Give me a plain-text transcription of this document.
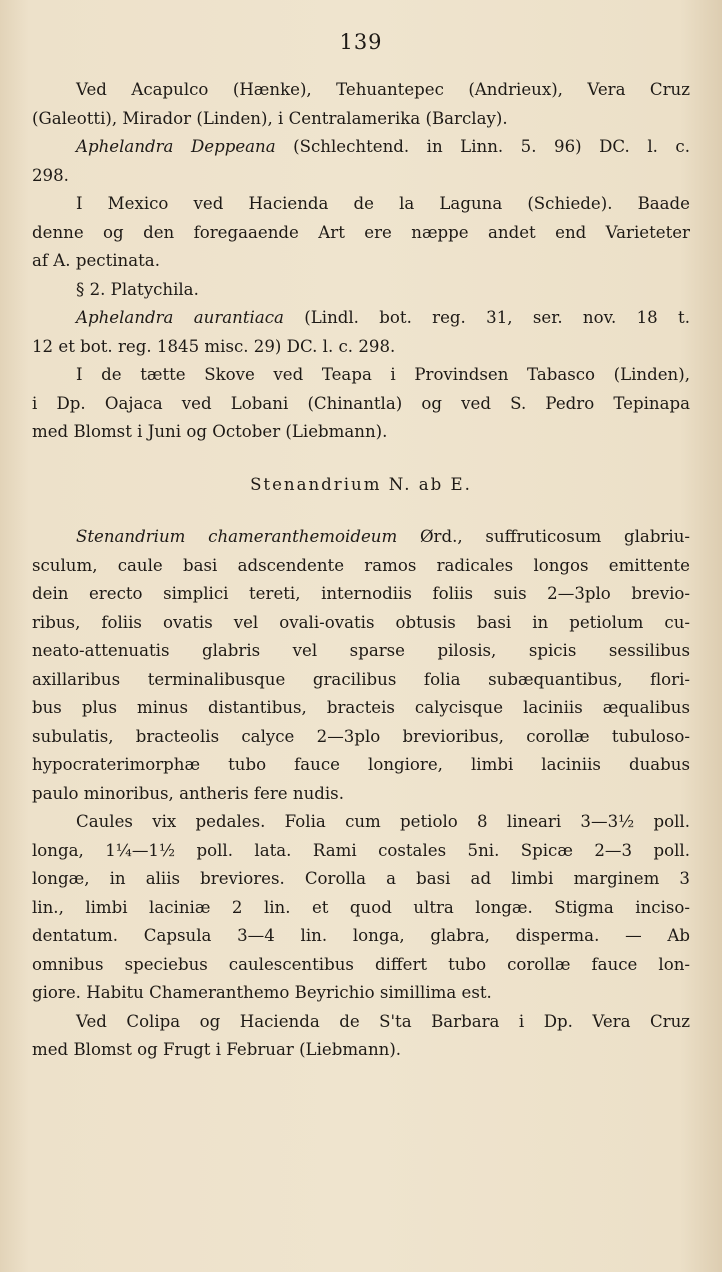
139

Ved Acapulco (Hænke), Tehuantepec (Andrieux), Vera Cruz
(Galeotti), Mirador (Linden), i Centralamerika (Barclay).

Aphelandra Deppeana (Schlechtend. in Linn. 5. 96) DC. l. c.
298.

I Mexico ved Hacienda de la Laguna (Schiede). Baade
denne og den foregaaende Art ere næppe andet end Varieteter
af A. pectinata.

§ 2. Platychila.

Aphelandra aurantiaca (Lindl. bot. reg. 31, ser. nov. 18 t.
12 et bot. reg. 1845 misc. 29) DC. l. c. 298.

I de tætte Skove ved Teapa i Provindsen Tabasco (Linden),
i Dp. Oajaca ved Lobani (Chinantla) og ved S. Pedro Tepinapa
med Blomst i Juni og October (Liebmann).

Stenandrium N. ab E.

Stenandrium chameranthemoideum Ørd., suffruticosum glabriu-
sculum, caule basi adscendente ramos radicales longos emittente
dein erecto simplici tereti, internodiis foliis suis 2—3plo brevio-
ribus, foliis ovatis vel ovali-ovatis obtusis basi in petiolum cu-
neato-attenuatis glabris vel sparse pilosis, spicis sessilibus
axillaribus terminalibusque gracilibus folia subæquantibus, flori-
bus plus minus distantibus, bracteis calycisque laciniis æqualibus
subulatis, bracteolis calyce 2—3plo brevioribus, corollæ tubuloso-
hypocraterimorphæ tubo fauce longiore, limbi laciniis duabus
paulo minoribus, antheris fere nudis.

Caules vix pedales. Folia cum petiolo 8 lineari 3—3½ poll.
longa, 1¼—1½ poll. lata. Rami costales 5ni. Spicæ 2—3 poll.
longæ, in aliis breviores. Corolla a basi ad limbi marginem 3
lin., limbi laciniæ 2 lin. et quod ultra longæ. Stigma inciso-
dentatum. Capsula 3—4 lin. longa, glabra, disperma. — Ab
omnibus speciebus caulescentibus differt tubo corollæ fauce lon-
giore. Habitu Chameranthemo Beyrichio simillima est.

Ved Colipa og Hacienda de S'ta Barbara i Dp. Vera Cruz
med Blomst og Frugt i Februar (Liebmann).
